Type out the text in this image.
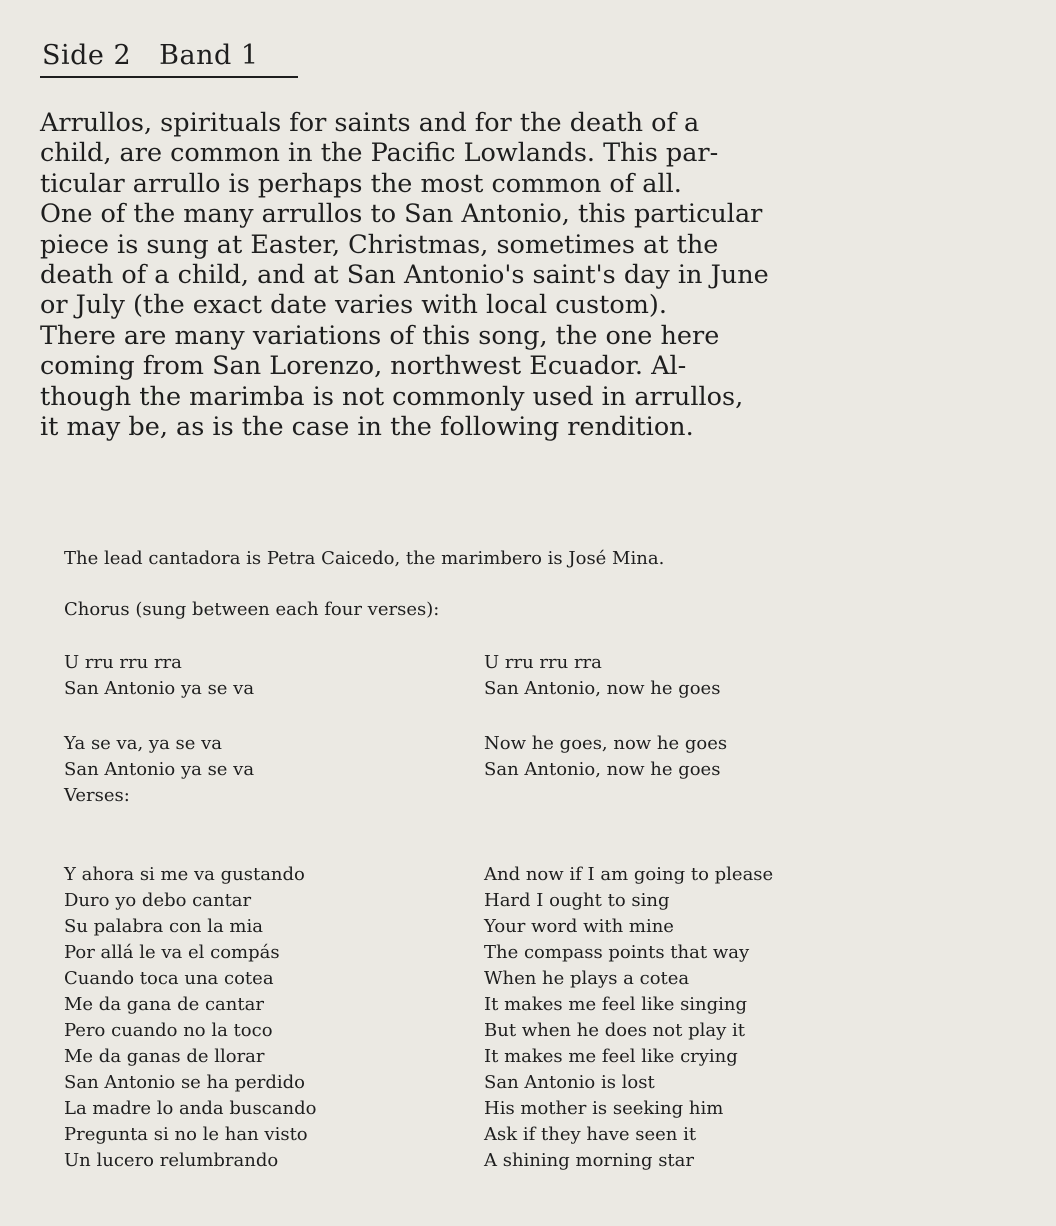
Side 2 Band 1
Arrullos, spirituals for saints and for the death of a
child, are common in the Pacific Lowlands. This par-
ticular arrullo is perhaps the most common of all.
One of the many arrullos to San Antonio, this particular
piece is sung at Easter, Christmas, sometimes at the
death of a child, and at San Antonio's saint's day in June
or July (the exact date varies with local custom).
There are many variations of this song, the one here
coming from San Lorenzo, northwest Ecuador. Al-
though the marimba is not commonly used in arrullos,
it may be, as is the case in the following rendition.
The lead cantadora is Petra Caicedo, the marimbero is José Mina.
Chorus (sung between each four verses):
U rru rru rra
San Antonio ya se va
U rru rru rra
San Antonio, now he goes
Ya se va, ya se va
San Antonio ya se va
Now he goes, now he goes
San Antonio, now he goes
Verses:
Y ahora si me va gustando
Duro yo debo cantar
Su palabra con la mia
Por allá le va el compás
Cuando toca una cotea
Me da gana de cantar
Pero cuando no la toco
Me da ganas de llorar
San Antonio se ha perdido
La madre lo anda buscando
Pregunta si no le han visto
Un lucero relumbrando
And now if I am going to please
Hard I ought to sing
Your word with mine
The compass points that way
When he plays a cotea
It makes me feel like singing
But when he does not play it
It makes me feel like crying
San Antonio is lost
His mother is seeking him
Ask if they have seen it
A shining morning star
